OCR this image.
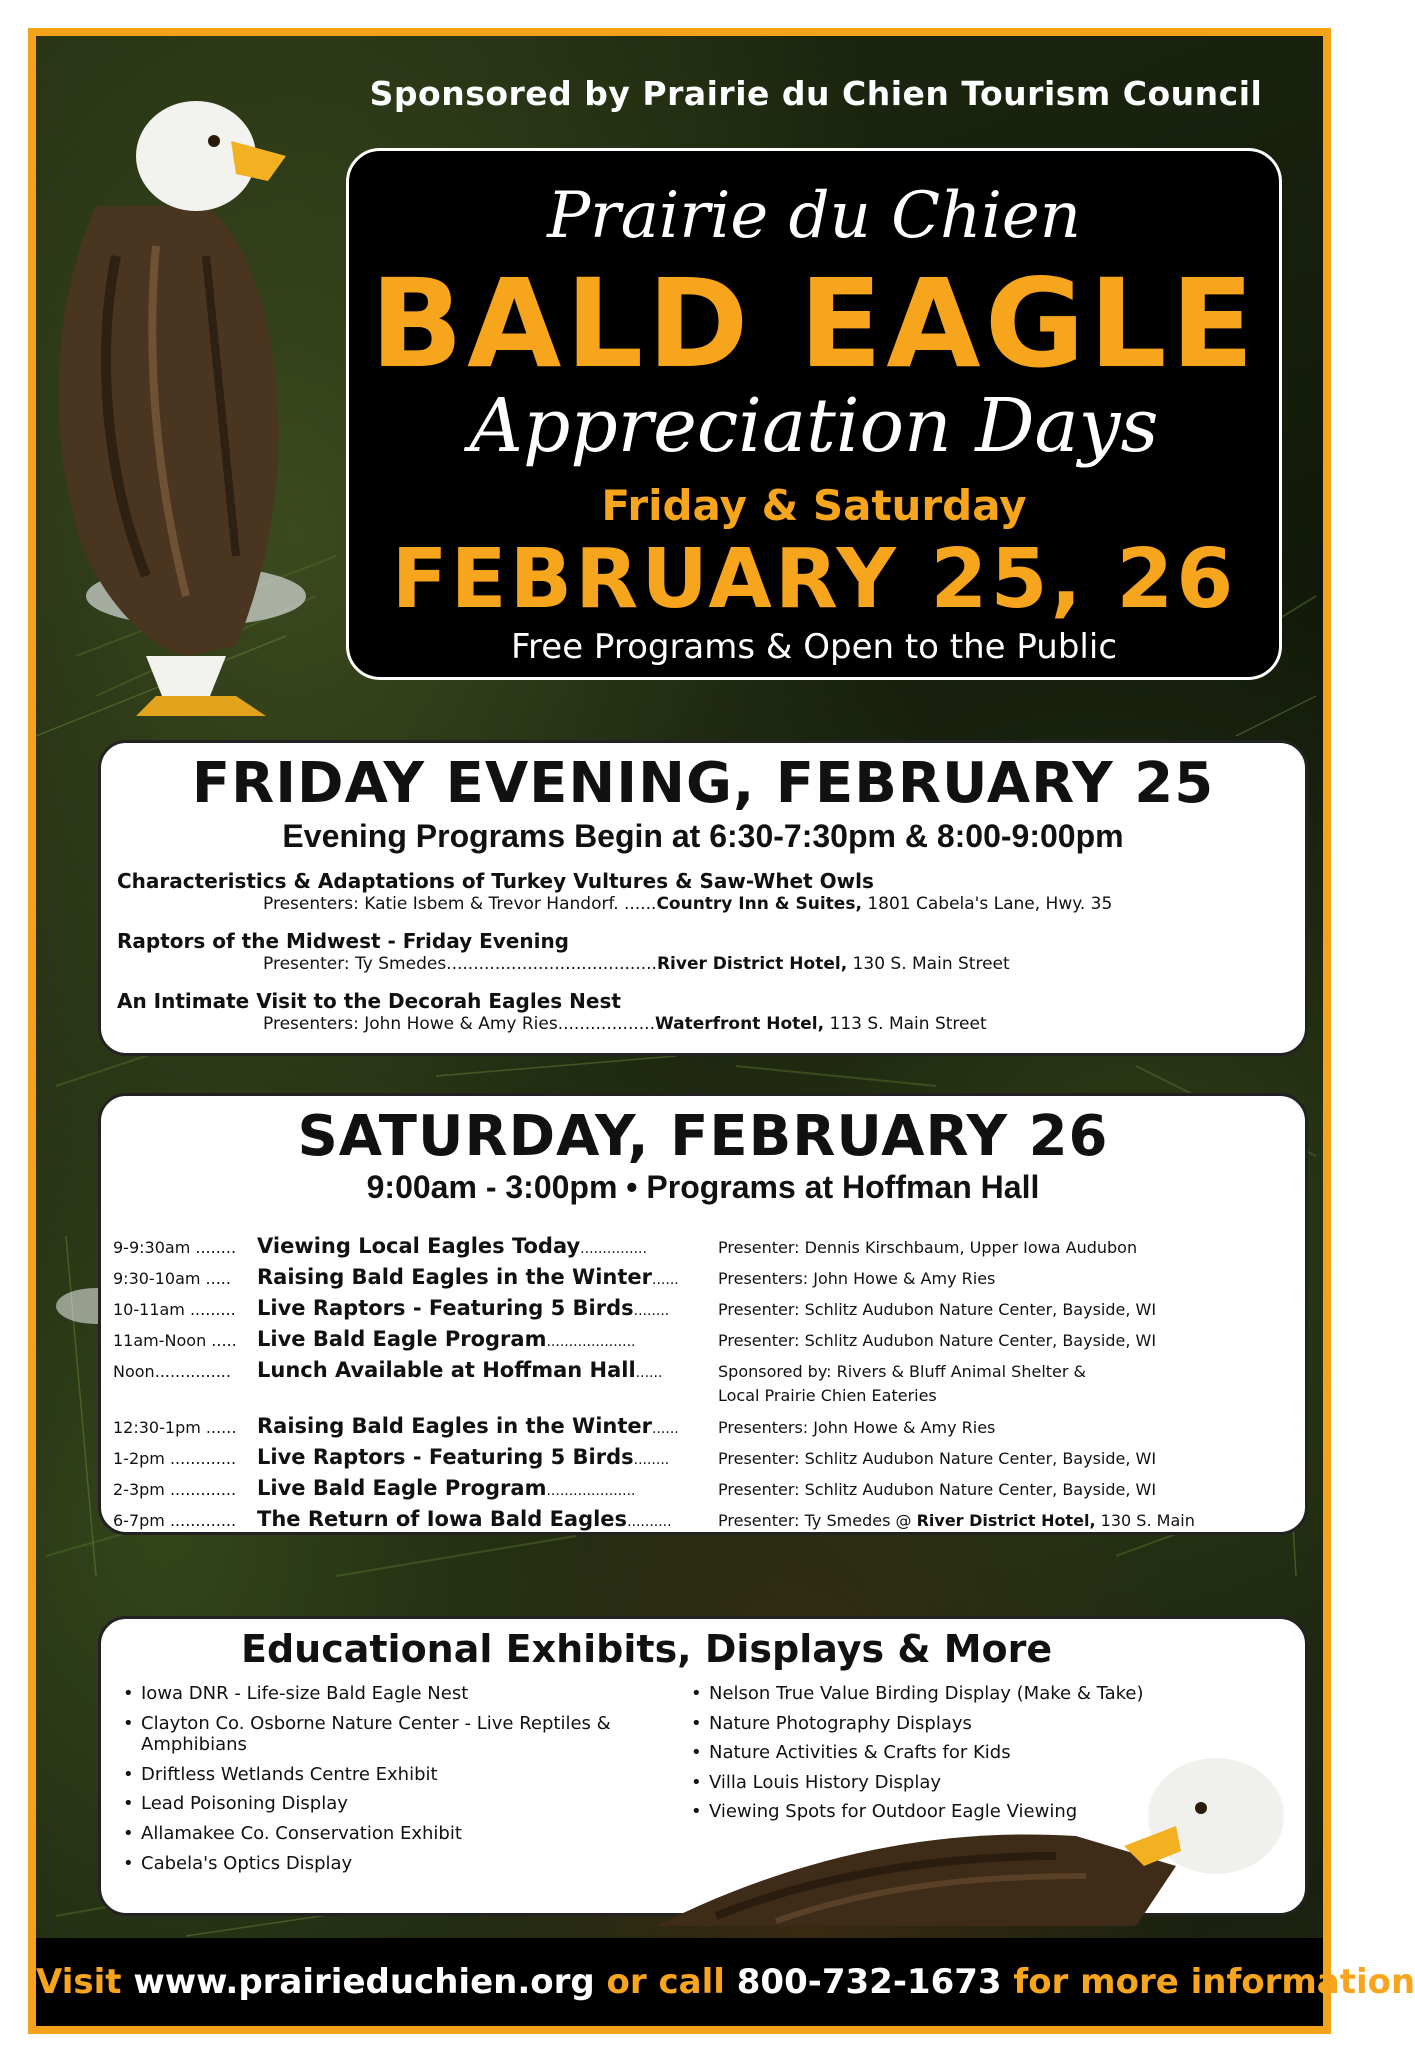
Sponsored by Prairie du Chien Tourism Council
Prairie du Chien
BALD EAGLE
Appreciation Days
Friday & Saturday
FEBRUARY 25, 26
Free Programs & Open to the Public
FRIDAY EVENING, FEBRUARY 25
Evening Programs Begin at 6:30-7:30pm & 8:00-9:00pm
Characteristics & Adaptations of Turkey Vultures & Saw-Whet Owls
Presenters: Katie Isbem & Trevor Handorf. ......Country Inn & Suites, 1801 Cabela's Lane, Hwy. 35
Raptors of the Midwest - Friday Evening
Presenter: Ty Smedes.......................................River District Hotel, 130 S. Main Street
An Intimate Visit to the Decorah Eagles Nest
Presenters: John Howe & Amy Ries..................Waterfront Hotel, 113 S. Main Street
SATURDAY, FEBRUARY 26
9:00am - 3:00pm • Programs at Hoffman Hall
9-9:30am ........ Viewing Local Eagles Today...............	Presenter: Dennis Kirschbaum, Upper Iowa Audubon
9:30-10am ..... Raising Bald Eagles in the Winter...... Presenters: John Howe & Amy Ries
10-11am ......... Live Raptors - Featuring 5 Birds........	Presenter: Schlitz Audubon Nature Center, Bayside, WI
11am-Noon ..... Live Bald Eagle Program....................	Presenter: Schlitz Audubon Nature Center, Bayside, WI
Noon............... Lunch Available at Hoffman Hall......	Sponsored by: Rivers & Bluff Animal Shelter &
Local Prairie Chien Eateries
12:30-1pm ...... Raising Bald Eagles in the Winter...... Presenters: John Howe & Amy Ries
1-2pm ............. Live Raptors - Featuring 5 Birds........	Presenter: Schlitz Audubon Nature Center, Bayside, WI
2-3pm ............. Live Bald Eagle Program....................	Presenter: Schlitz Audubon Nature Center, Bayside, WI
6-7pm ............. The Return of Iowa Bald Eagles..........	Presenter: Ty Smedes @ River District Hotel, 130 S. Main
Educational Exhibits, Displays & More
• Iowa DNR - Life-size Bald Eagle Nest
• Clayton Co. Osborne Nature Center - Live Reptiles & Amphibians
• Driftless Wetlands Centre Exhibit
• Lead Poisoning Display
• Allamakee Co. Conservation Exhibit
• Cabela's Optics Display
• Nelson True Value Birding Display (Make & Take)
• Nature Photography Displays
• Nature Activities & Crafts for Kids
• Villa Louis History Display
• Viewing Spots for Outdoor Eagle Viewing
Visit www.prairieduchien.org or call 800-732-1673 for more information
